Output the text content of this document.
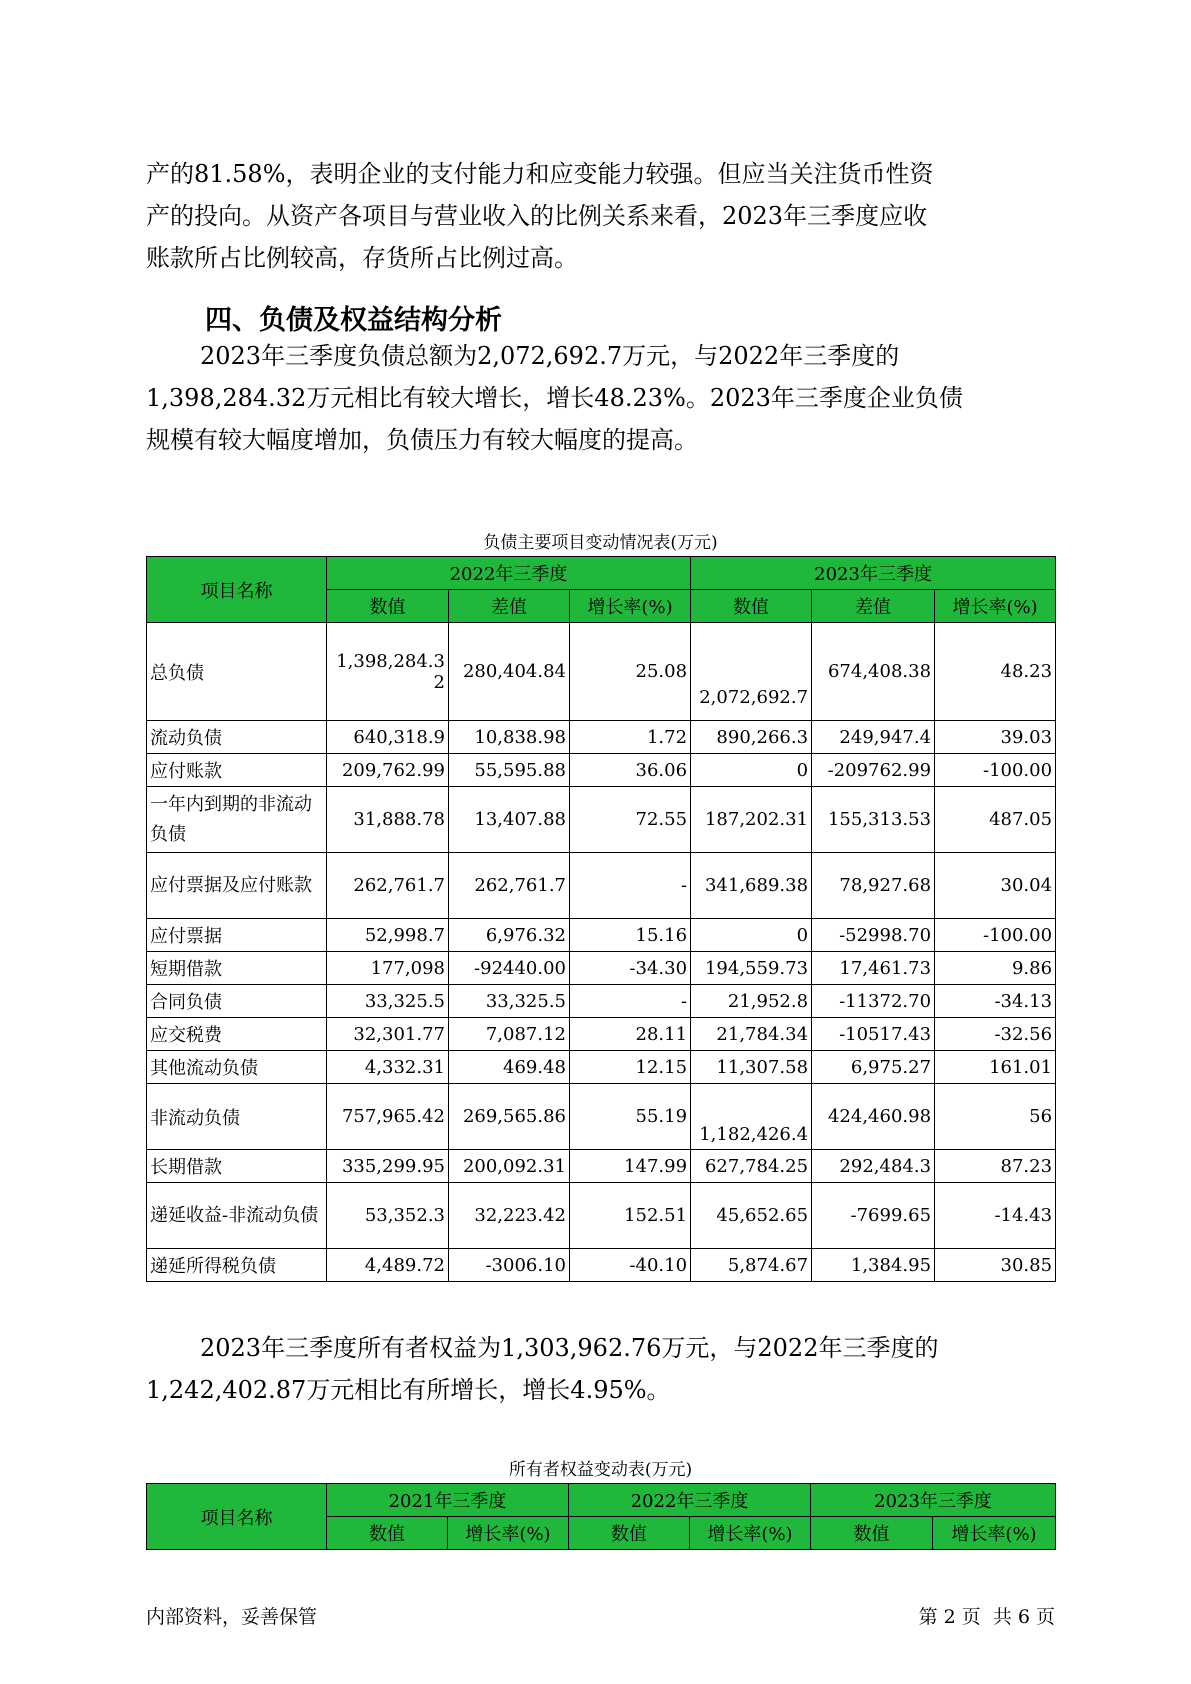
产的81.58%，表明企业的支付能力和应变能力较强。但应当关注货币性资
产的投向。从资产各项目与营业收入的比例关系来看，2023年三季度应收
账款所占比例较高，存货所占比例过高。
四、负债及权益结构分析
2023年三季度负债总额为2,072,692.7万元，与2022年三季度的
1,398,284.32万元相比有较大增长，增长48.23%。2023年三季度企业负债
规模有较大幅度增加，负债压力有较大幅度的提高。
负债主要项目变动情况表(万元)
项目名称	2022年三季度			2023年三季度		
	数值	差值	增长率(%)	数值	差值	增长率(%)
总负债	1,398,284.32	280,404.84	25.08	2,072,692.7	674,408.38	48.23
流动负债	640,318.9	10,838.98	1.72	890,266.3	249,947.4	39.03
应付账款	209,762.99	55,595.88	36.06	0	-209762.99	-100.00
一年内到期的非流动负债	31,888.78	13,407.88	72.55	187,202.31	155,313.53	487.05
应付票据及应付账款	262,761.7	262,761.7	-	341,689.38	78,927.68	30.04
应付票据	52,998.7	6,976.32	15.16	0	-52998.70	-100.00
短期借款	177,098	-92440.00	-34.30	194,559.73	17,461.73	9.86
合同负债	33,325.5	33,325.5	-	21,952.8	-11372.70	-34.13
应交税费	32,301.77	7,087.12	28.11	21,784.34	-10517.43	-32.56
其他流动负债	4,332.31	469.48	12.15	11,307.58	6,975.27	161.01
非流动负债	757,965.42	269,565.86	55.19	1,182,426.4	424,460.98	56
长期借款	335,299.95	200,092.31	147.99	627,784.25	292,484.3	87.23
递延收益-非流动负债	53,352.3	32,223.42	152.51	45,652.65	-7699.65	-14.43
递延所得税负债	4,489.72	-3006.10	-40.10	5,874.67	1,384.95	30.85
2023年三季度所有者权益为1,303,962.76万元，与2022年三季度的
1,242,402.87万元相比有所增长，增长4.95%。
所有者权益变动表(万元)
项目名称	2021年三季度		2022年三季度		2023年三季度	
	数值	增长率(%)	数值	增长率(%)	数值	增长率(%)
内部资料，妥善保管	第 2 页  共 6 页
